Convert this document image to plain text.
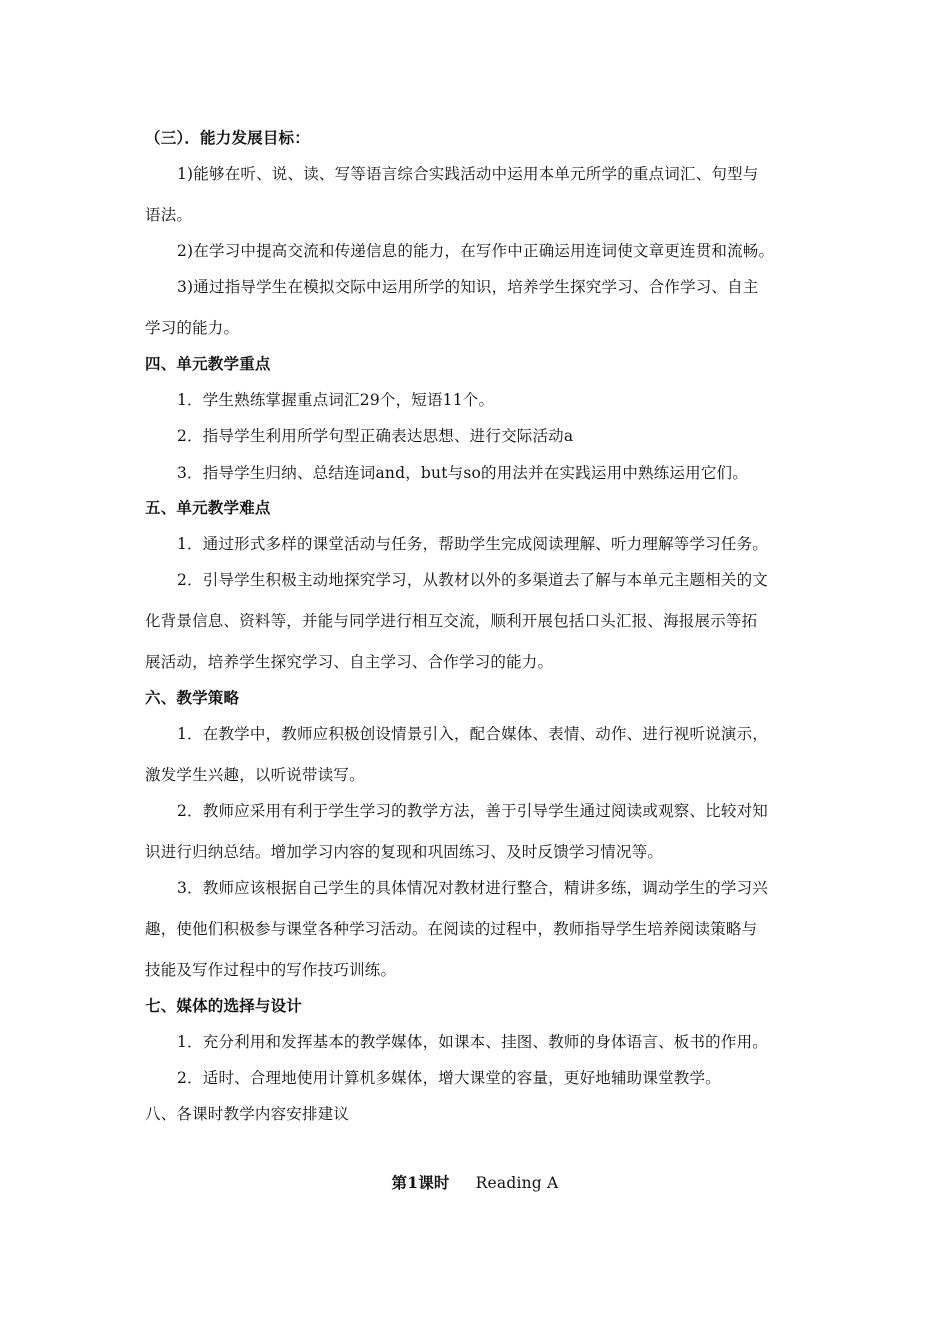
（三）．能力发展目标：

1)能够在听、说、读、写等语言综合实践活动中运用本单元所学的重点词汇、句型与

语法。

2)在学习中提高交流和传递信息的能力，在写作中正确运用连词使文章更连贯和流畅。

3)通过指导学生在模拟交际中运用所学的知识，培养学生探究学习、合作学习、自主

学习的能力。

四、单元教学重点

1．学生熟练掌握重点词汇29个，短语11个。

2．指导学生利用所学句型正确表达思想、进行交际活动a

3．指导学生归纳、总结连词and，but与so的用法并在实践运用中熟练运用它们。

五、单元教学难点

1．通过形式多样的课堂活动与任务，帮助学生完成阅读理解、听力理解等学习任务。

2．引导学生积极主动地探究学习，从教材以外的多渠道去了解与本单元主题相关的文

化背景信息、资料等，并能与同学进行相互交流，顺利开展包括口头汇报、海报展示等拓

展活动，培养学生探究学习、自主学习、合作学习的能力。

六、教学策略

1．在教学中，教师应积极创设情景引入，配合媒体、表情、动作、进行视听说演示，

激发学生兴趣，以听说带读写。

2．教师应采用有利于学生学习的教学方法，善于引导学生通过阅读或观察、比较对知

识进行归纳总结。增加学习内容的复现和巩固练习、及时反馈学习情况等。

3．教师应该根据自己学生的具体情况对教材进行整合，精讲多练，调动学生的学习兴

趣，使他们积极参与课堂各种学习活动。在阅读的过程中，教师指导学生培养阅读策略与

技能及写作过程中的写作技巧训练。

七、媒体的选择与设计

1．充分利用和发挥基本的教学媒体，如课本、挂图、教师的身体语言、板书的作用。

2．适时、合理地使用计算机多媒体，增大课堂的容量，更好地辅助课堂教学。

八、各课时教学内容安排建议

第1课时 Reading A
